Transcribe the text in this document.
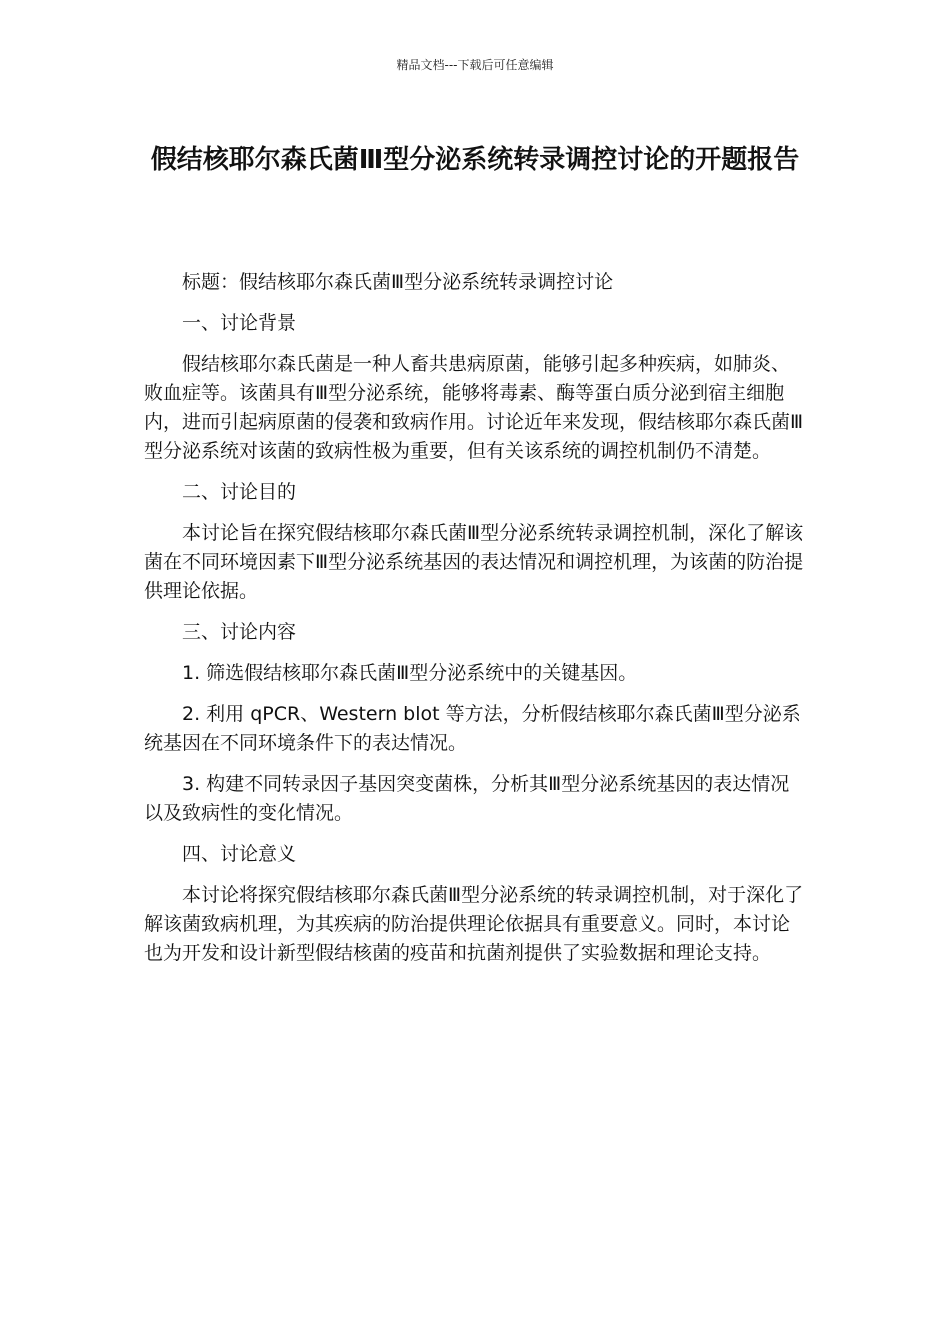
精品文档---下载后可任意编辑
假结核耶尔森氏菌Ⅲ型分泌系统转录调控讨论的开题报告

标题：假结核耶尔森氏菌Ⅲ型分泌系统转录调控讨论

一、讨论背景

假结核耶尔森氏菌是一种人畜共患病原菌，能够引起多种疾病，如肺炎、败血症等。该菌具有Ⅲ型分泌系统，能够将毒素、酶等蛋白质分泌到宿主细胞内，进而引起病原菌的侵袭和致病作用。讨论近年来发现，假结核耶尔森氏菌Ⅲ型分泌系统对该菌的致病性极为重要，但有关该系统的调控机制仍不清楚。

二、讨论目的

本讨论旨在探究假结核耶尔森氏菌Ⅲ型分泌系统转录调控机制，深化了解该菌在不同环境因素下Ⅲ型分泌系统基因的表达情况和调控机理，为该菌的防治提供理论依据。

三、讨论内容

1. 筛选假结核耶尔森氏菌Ⅲ型分泌系统中的关键基因。

2. 利用 qPCR、Western blot 等方法，分析假结核耶尔森氏菌Ⅲ型分泌系统基因在不同环境条件下的表达情况。

3. 构建不同转录因子基因突变菌株，分析其Ⅲ型分泌系统基因的表达情况以及致病性的变化情况。

四、讨论意义

本讨论将探究假结核耶尔森氏菌Ⅲ型分泌系统的转录调控机制，对于深化了解该菌致病机理，为其疾病的防治提供理论依据具有重要意义。同时，本讨论也为开发和设计新型假结核菌的疫苗和抗菌剂提供了实验数据和理论支持。
